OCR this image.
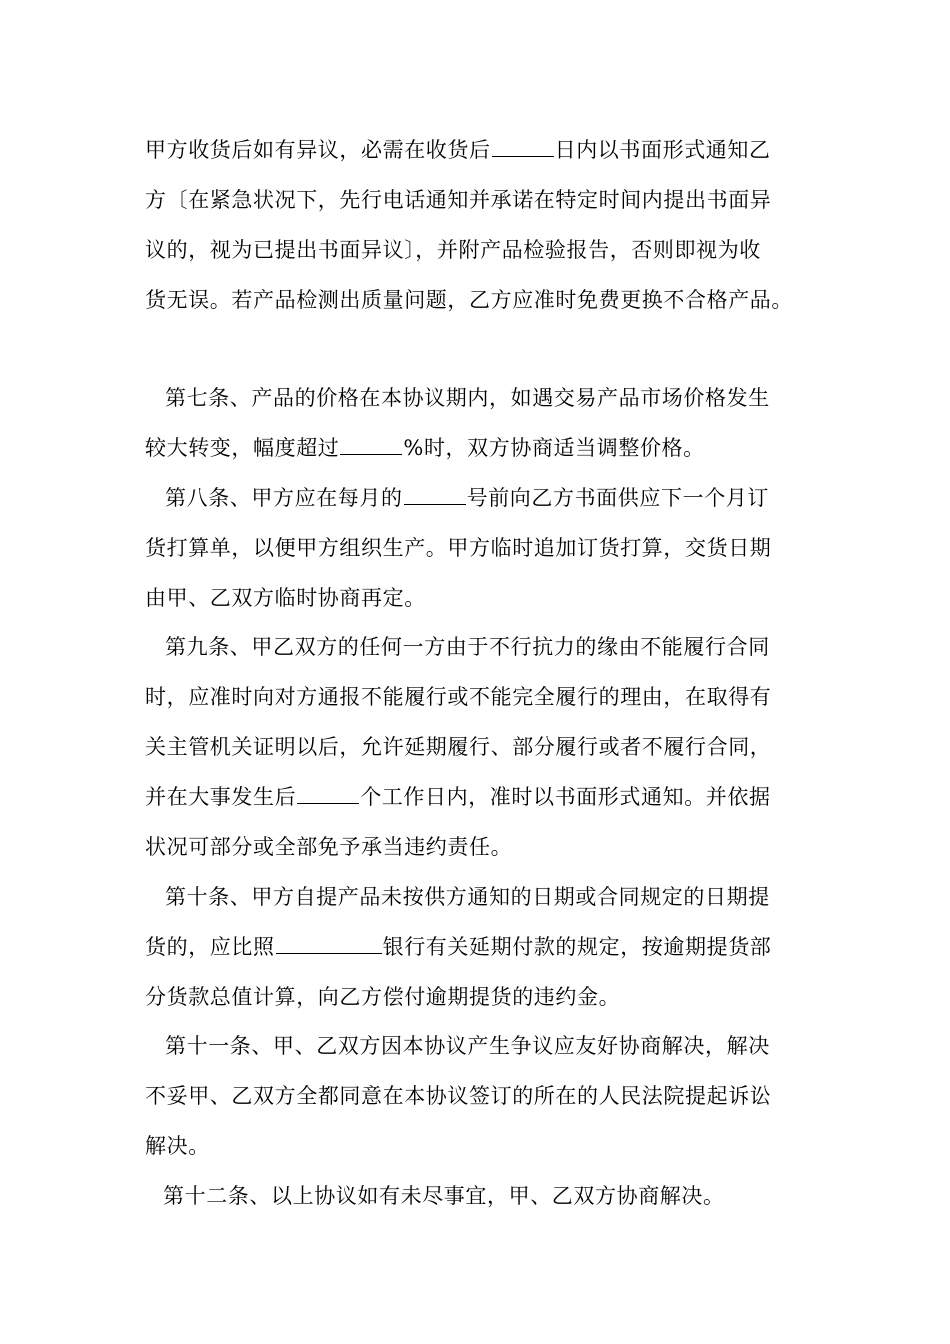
甲方收货后如有异议，必需在收货后	日内以书面形式通知乙
方〔在紧急状况下，先行电话通知并承诺在特定时间内提出书面异
议的，视为已提出书面异议〕，并附产品检验报告，否则即视为收
货无误。若产品检测出质量问题，乙方应准时免费更换不合格产品。
第七条、产品的价格在本协议期内，如遇交易产品市场价格发生
较大转变，幅度超过	%时，双方协商适当调整价格。
第八条、甲方应在每月的	号前向乙方书面供应下一个月订
货打算单，以便甲方组织生产。甲方临时追加订货打算，交货日期
由甲、乙双方临时协商再定。
第九条、甲乙双方的任何一方由于不行抗力的缘由不能履行合同
时，应准时向对方通报不能履行或不能完全履行的理由，在取得有
关主管机关证明以后，允许延期履行、部分履行或者不履行合同，
并在大事发生后	个工作日内，准时以书面形式通知。并依据
状况可部分或全部免予承当违约责任。
第十条、甲方自提产品未按供方通知的日期或合同规定的日期提
货的，应比照	银行有关延期付款的规定，按逾期提货部
分货款总值计算，向乙方偿付逾期提货的违约金。
第十一条、甲、乙双方因本协议产生争议应友好协商解决，解决
不妥甲、乙双方全都同意在本协议签订的所在的人民法院提起诉讼
解决。
第十二条、以上协议如有未尽事宜，甲、乙双方协商解决。
